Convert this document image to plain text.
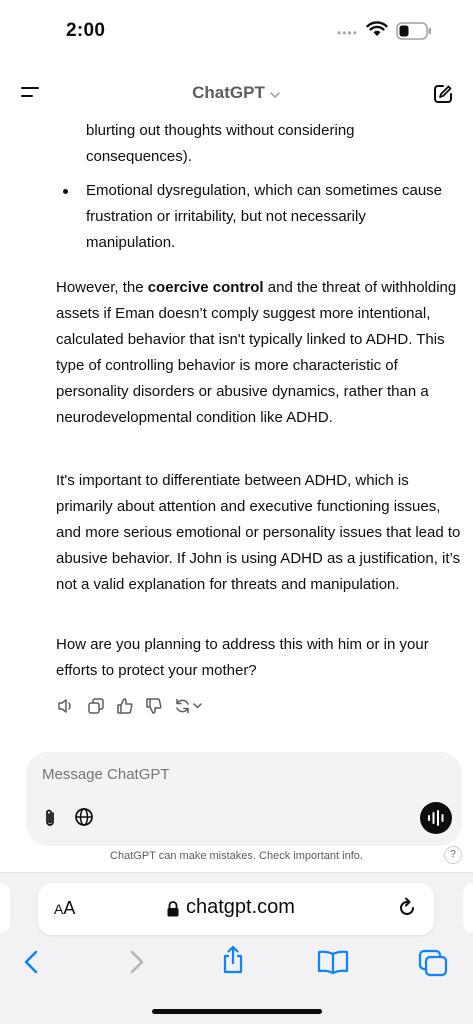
2:00	••••
ChatGPT
blurting out thoughts without considering consequences).
Emotional dysregulation, which can sometimes cause frustration or irritability, but not necessarily manipulation.
However, the coercive control and the threat of withholding assets if Eman doesn’t comply suggest more intentional, calculated behavior that isn't typically linked to ADHD. This type of controlling behavior is more characteristic of personality disorders or abusive dynamics, rather than a neurodevelopmental condition like ADHD.
It's important to differentiate between ADHD, which is primarily about attention and executive functioning issues, and more serious emotional or personality issues that lead to abusive behavior. If John is using ADHD as a justification, it’s not a valid explanation for threats and manipulation.
How are you planning to address this with him or in your efforts to protect your mother?
Message ChatGPT
ChatGPT can make mistakes. Check important info.	?
AA	chatgpt.com
